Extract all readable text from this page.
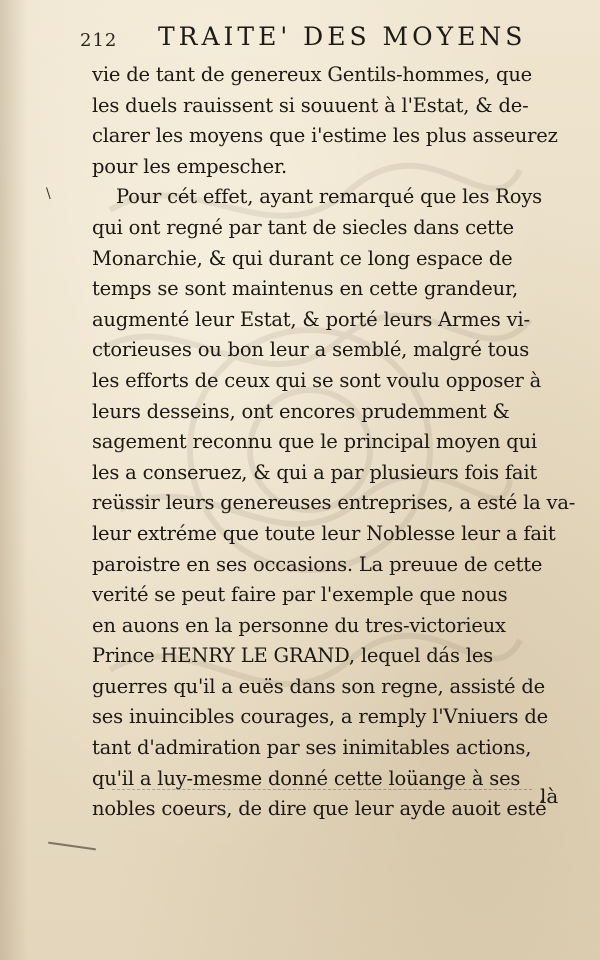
212 TRAITE' DES MOYENS
\
vie de tant de genereux Gentils-hommes, que
les duels rauissent si souuent à l'Estat, & de-
clarer les moyens que i'estime les plus asseurez
pour les empescher.
Pour cét effet, ayant remarqué que les Roys
qui ont regné par tant de siecles dans cette
Monarchie, & qui durant ce long espace de
temps se sont maintenus en cette grandeur,
augmenté leur Estat, & porté leurs Armes vi-
ctorieuses ou bon leur a semblé, malgré tous
les efforts de ceux qui se sont voulu opposer à
leurs desseins, ont encores prudemment &
sagement reconnu que le principal moyen qui
les a conseruez, & qui a par plusieurs fois fait
reüssir leurs genereuses entreprises, a esté la va-
leur extréme que toute leur Noblesse leur a fait
paroistre en ses occasions. La preuue de cette
verité se peut faire par l'exemple que nous
en auons en la personne du tres-victorieux
Prince HENRY LE GRAND, lequel dás les
guerres qu'il a euës dans son regne, assisté de
ses inuincibles courages, a remply l'Vniuers de
tant d'admiration par ses inimitables actions,
qu'il a luy-mesme donné cette loüange à ses
nobles coeurs, de dire que leur ayde auoit esté
là
